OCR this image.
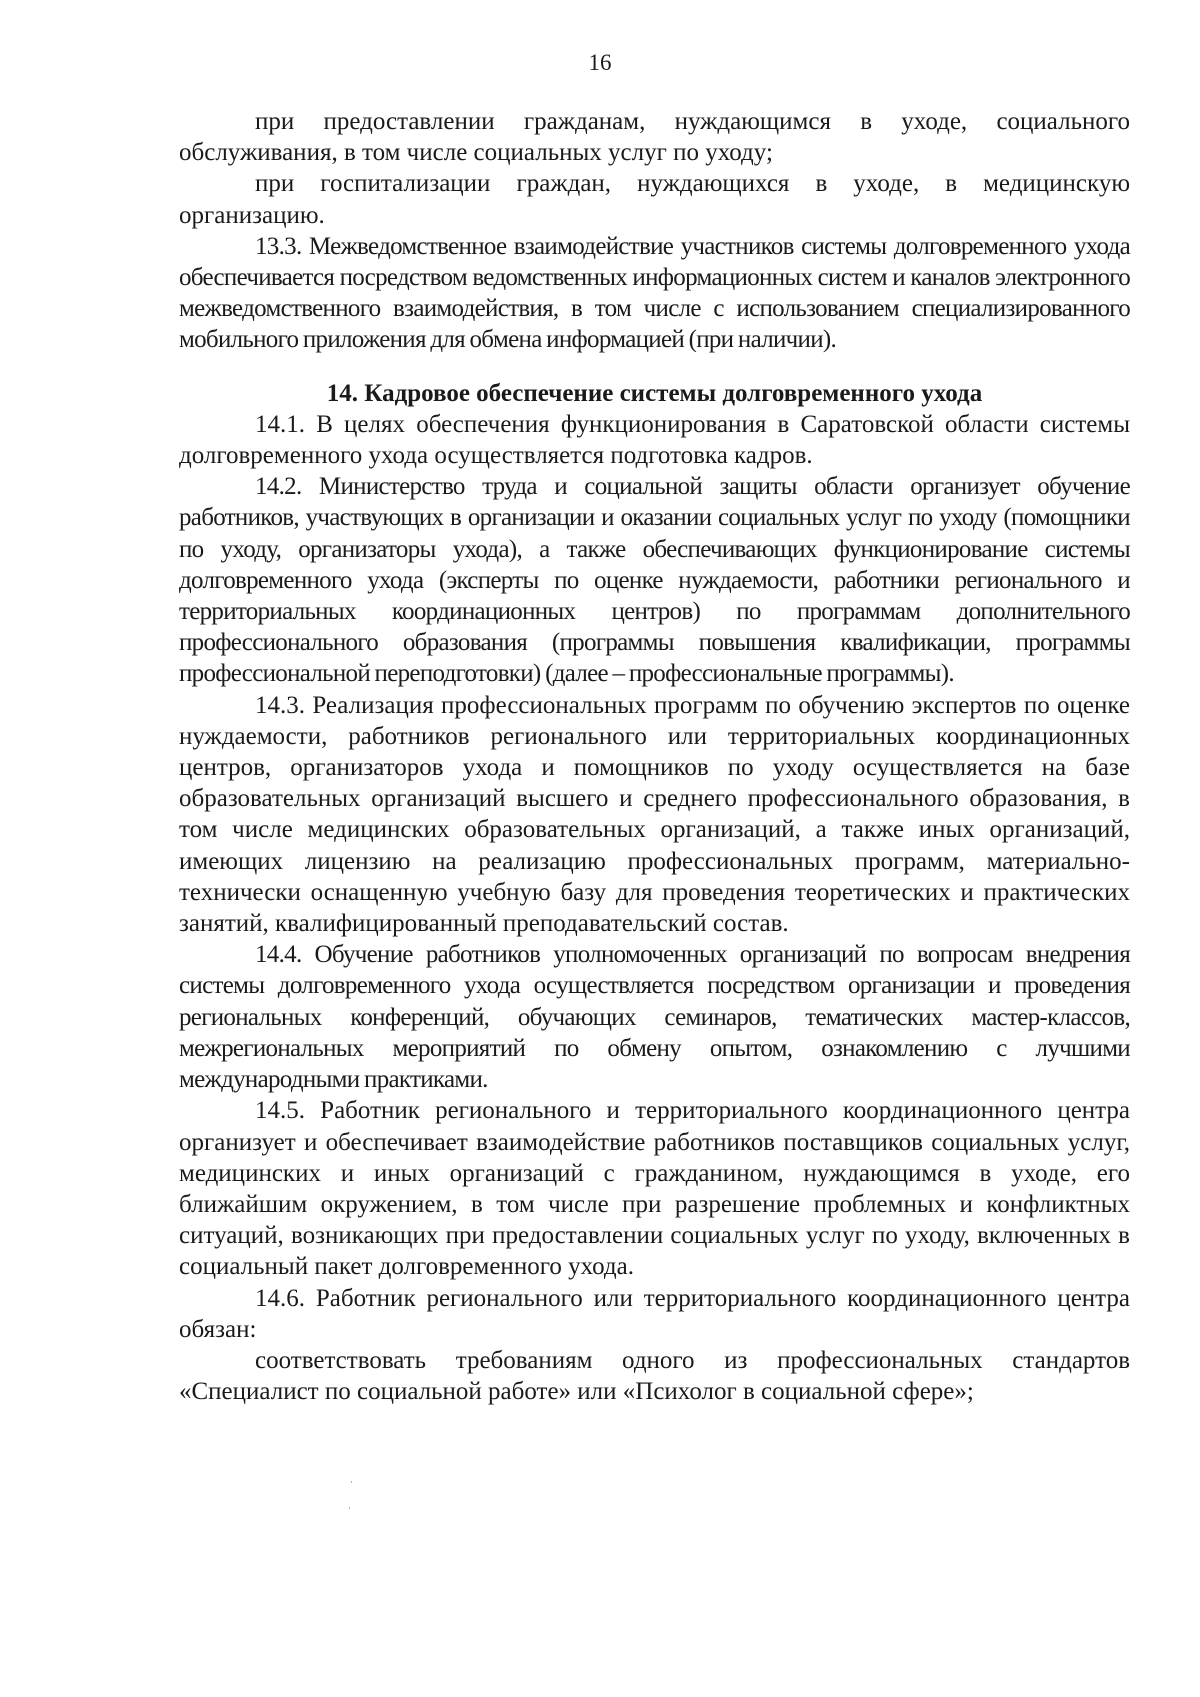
16

при предоставлении гражданам, нуждающимся в уходе, социального обслуживания, в том числе социальных услуг по уходу;

при госпитализации граждан, нуждающихся в уходе, в медицинскую организацию.

13.3. Межведомственное взаимодействие участников системы долговременного ухода обеспечивается посредством ведомственных информационных систем и каналов электронного межведомственного взаимодействия, в том числе с использованием специализированного мобильного приложения для обмена информацией (при наличии).

14. Кадровое обеспечение системы долговременного ухода

14.1. В целях обеспечения функционирования в Саратовской области системы долговременного ухода осуществляется подготовка кадров.

14.2. Министерство труда и социальной защиты области организует обучение работников, участвующих в организации и оказании социальных услуг по уходу (помощники по уходу, организаторы ухода), а также обеспечивающих функционирование системы долговременного ухода (эксперты по оценке нуждаемости, работники регионального и территориальных координационных центров) по программам дополнительного профессионального образования (программы повышения квалификации, программы профессиональной переподготовки) (далее – профессиональные программы).

14.3. Реализация профессиональных программ по обучению экспертов по оценке нуждаемости, работников регионального или территориальных координационных центров, организаторов ухода и помощников по уходу осуществляется на базе образовательных организаций высшего и среднего профессионального образования, в том числе медицинских образовательных организаций, а также иных организаций, имеющих лицензию на реализацию профессиональных программ, материально-технически оснащенную учебную базу для проведения теоретических и практических занятий, квалифицированный преподавательский состав.

14.4. Обучение работников уполномоченных организаций по вопросам внедрения системы долговременного ухода осуществляется посредством организации и проведения региональных конференций, обучающих семинаров, тематических мастер-классов, межрегиональных мероприятий по обмену опытом, ознакомлению с лучшими международными практиками.

14.5. Работник регионального и территориального координационного центра организует и обеспечивает взаимодействие работников поставщиков социальных услуг, медицинских и иных организаций с гражданином, нуждающимся в уходе, его ближайшим окружением, в том числе при разрешение проблемных и конфликтных ситуаций, возникающих при предоставлении социальных услуг по уходу, включенных в социальный пакет долговременного ухода.

14.6. Работник регионального или территориального координационного центра обязан:

соответствовать требованиям одного из профессиональных стандартов «Специалист по социальной работе» или «Психолог в социальной сфере»;
